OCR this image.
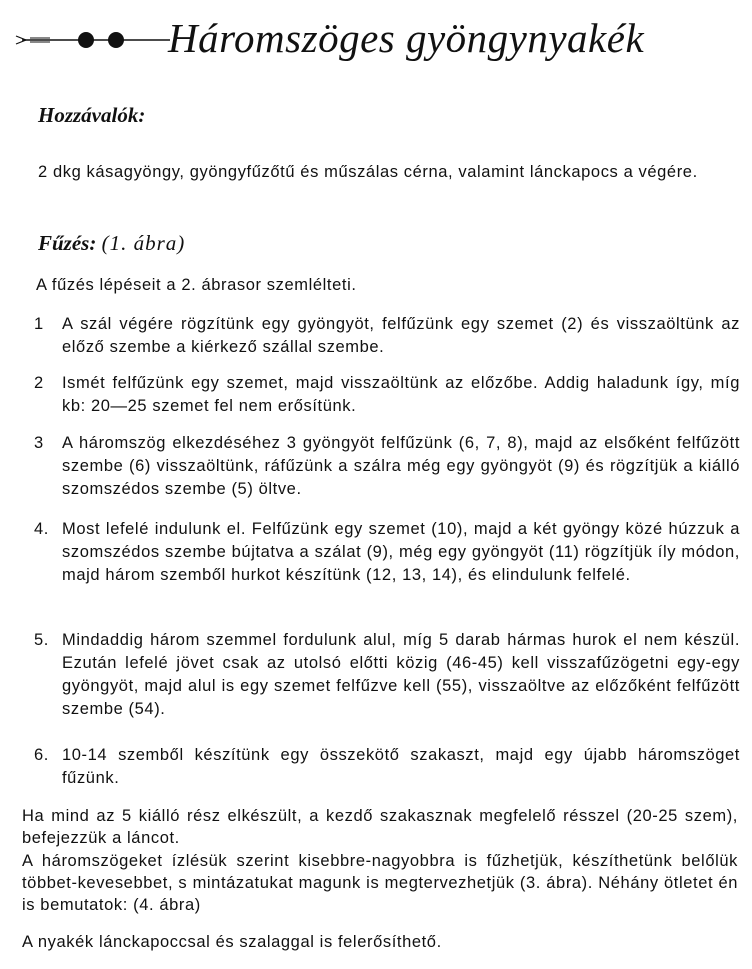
Háromszöges gyöngynyakék
Hozzávalók:
2 dkg kásagyöngy, gyöngyfűzőtű és műszálas cérna, valamint lánckapocs a végére.
Fűzés: (1. ábra)
A fűzés lépéseit a 2. ábrasor szemlélteti.
1	A szál végére rögzítünk egy gyöngyöt, felfűzünk egy szemet (2) és visszaöltünk az előző szembe a kiérkező szállal szembe.
2	Ismét felfűzünk egy szemet, majd visszaöltünk az előzőbe. Addig haladunk így, míg kb: 20—25 szemet fel nem erősítünk.
3	A háromszög elkezdéséhez 3 gyöngyöt felfűzünk (6, 7, 8), majd az elsőként felfűzött szembe (6) visszaöltünk, ráfűzünk a szálra még egy gyöngyöt (9) és rögzítjük a kiálló szomszédos szembe (5) öltve.
4. Most lefelé indulunk el. Felfűzünk egy szemet (10), majd a két gyöngy közé húzzuk a szomszédos szembe bújtatva a szálat (9), még egy gyöngyöt (11) rögzítjük íly módon, majd három szemből hurkot készítünk (12, 13, 14), és elindulunk felfelé.
5. Mindaddig három szemmel fordulunk alul, míg 5 darab hármas hurok el nem készül. Ezután lefelé jövet csak az utolsó előtti közig (46-45) kell visszafűzögetni egy-egy gyöngyöt, majd alul is egy szemet felfűzve kell (55), visszaöltve az előzőként felfűzött szembe (54).
6. 10-14 szemből készítünk egy összekötő szakaszt, majd egy újabb háromszöget fűzünk.
Ha mind az 5 kiálló rész elkészült, a kezdő szakasznak megfelelő résszel (20-25 szem), befejezzük a láncot.
A háromszögeket ízlésük szerint kisebbre-nagyobbra is fűzhetjük, készíthetünk belőlük többet-kevesebbet, s mintázatukat magunk is megtervezhetjük (3. ábra). Néhány ötletet én is bemutatok: (4. ábra)
A nyakék lánckapoccsal és szalaggal is felerősíthető.
